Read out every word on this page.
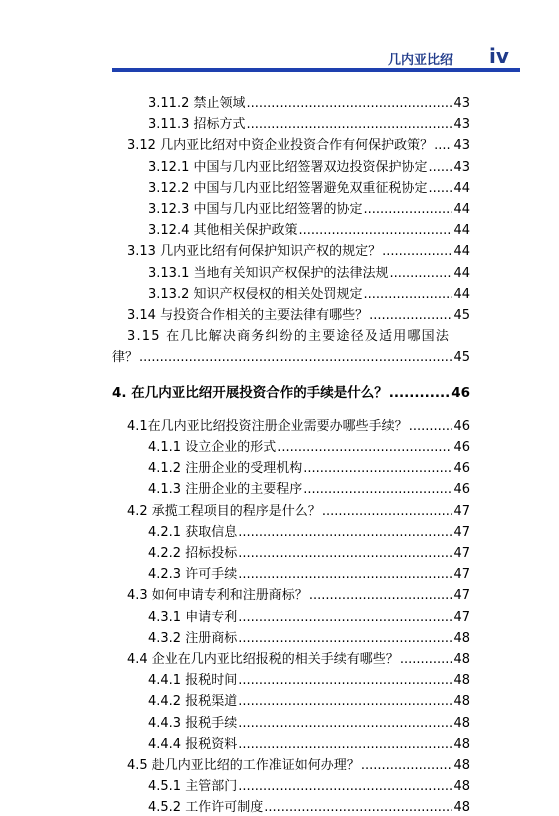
几内亚比绍 iv
3.11.2 禁止领域 .....	43
3.11.3 招标方式 .....	43
3.12 几内亚比绍对中资企业投资合作有何保护政策？ ..... 43
3.12.1 中国与几内亚比绍签署双边投资保护协定 ..... 43
3.12.2 中国与几内亚比绍签署避免双重征税协定 ..... 44
3.12.3 中国与几内亚比绍签署的协定 .....	44
3.12.4 其他相关保护政策 .....	44
3.13 几内亚比绍有何保护知识产权的规定？ .....	44
3.13.1 当地有关知识产权保护的法律法规 .....	44
3.13.2 知识产权侵权的相关处罚规定 .....	44
3.14 与投资合作相关的主要法律有哪些？ .....	45
3.15 在几比解决商务纠纷的主要途径及适用哪国法
律？ .....	45
4. 在几内亚比绍开展投资合作的手续是什么？ .....	46
4.1在几内亚比绍投资注册企业需要办哪些手续？ .....	46
4.1.1 设立企业的形式 .....	46
4.1.2 注册企业的受理机构 .....	46
4.1.3 注册企业的主要程序 .....	46
4.2 承揽工程项目的程序是什么？ .....	47
4.2.1 获取信息 .....	47
4.2.2 招标投标 .....	47
4.2.3 许可手续 .....	47
4.3 如何申请专利和注册商标？ .....	47
4.3.1 申请专利 .....	47
4.3.2 注册商标 .....	48
4.4 企业在几内亚比绍报税的相关手续有哪些？ .....	48
4.4.1 报税时间 .....	48
4.4.2 报税渠道 .....	48
4.4.3 报税手续 .....	48
4.4.4 报税资料 .....	48
4.5 赴几内亚比绍的工作准证如何办理？ .....	48
4.5.1 主管部门 .....	48
4.5.2 工作许可制度 .....	48
